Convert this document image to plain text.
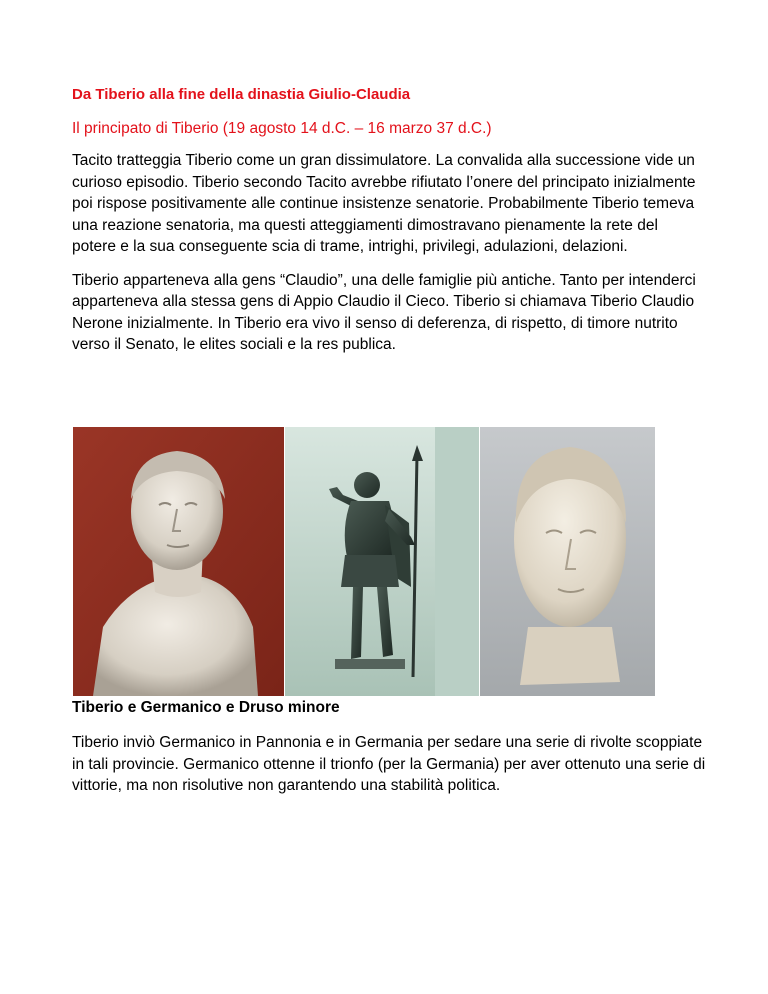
Da Tiberio alla fine della dinastia Giulio-Claudia
Il principato di Tiberio (19 agosto 14 d.C. – 16 marzo 37 d.C.)

Tacito tratteggia Tiberio come un gran dissimulatore. La convalida alla successione vide un curioso episodio. Tiberio secondo Tacito avrebbe rifiutato l’onere del principato inizialmente poi rispose positivamente alle continue insistenze senatorie. Probabilmente Tiberio temeva una reazione senatoria, ma questi atteggiamenti dimostravano pienamente la rete del potere e la sua conseguente scia di trame, intrighi, privilegi, adulazioni, delazioni.

Tiberio apparteneva alla gens “Claudio”, una delle famiglie più antiche. Tanto per intenderci apparteneva alla stessa gens di Appio Claudio il Cieco. Tiberio si chiamava Tiberio Claudio Nerone inizialmente. In Tiberio era vivo il senso di deferenza, di rispetto, di timore nutrito verso il Senato, le elites sociali e la res publica.

Tiberio e Germanico e Druso minore

Tiberio inviò Germanico in Pannonia e in Germania per sedare una serie di rivolte scoppiate in tali provincie. Germanico ottenne il trionfo (per la Germania) per aver ottenuto una serie di vittorie, ma non risolutive non garantendo una stabilità politica.
